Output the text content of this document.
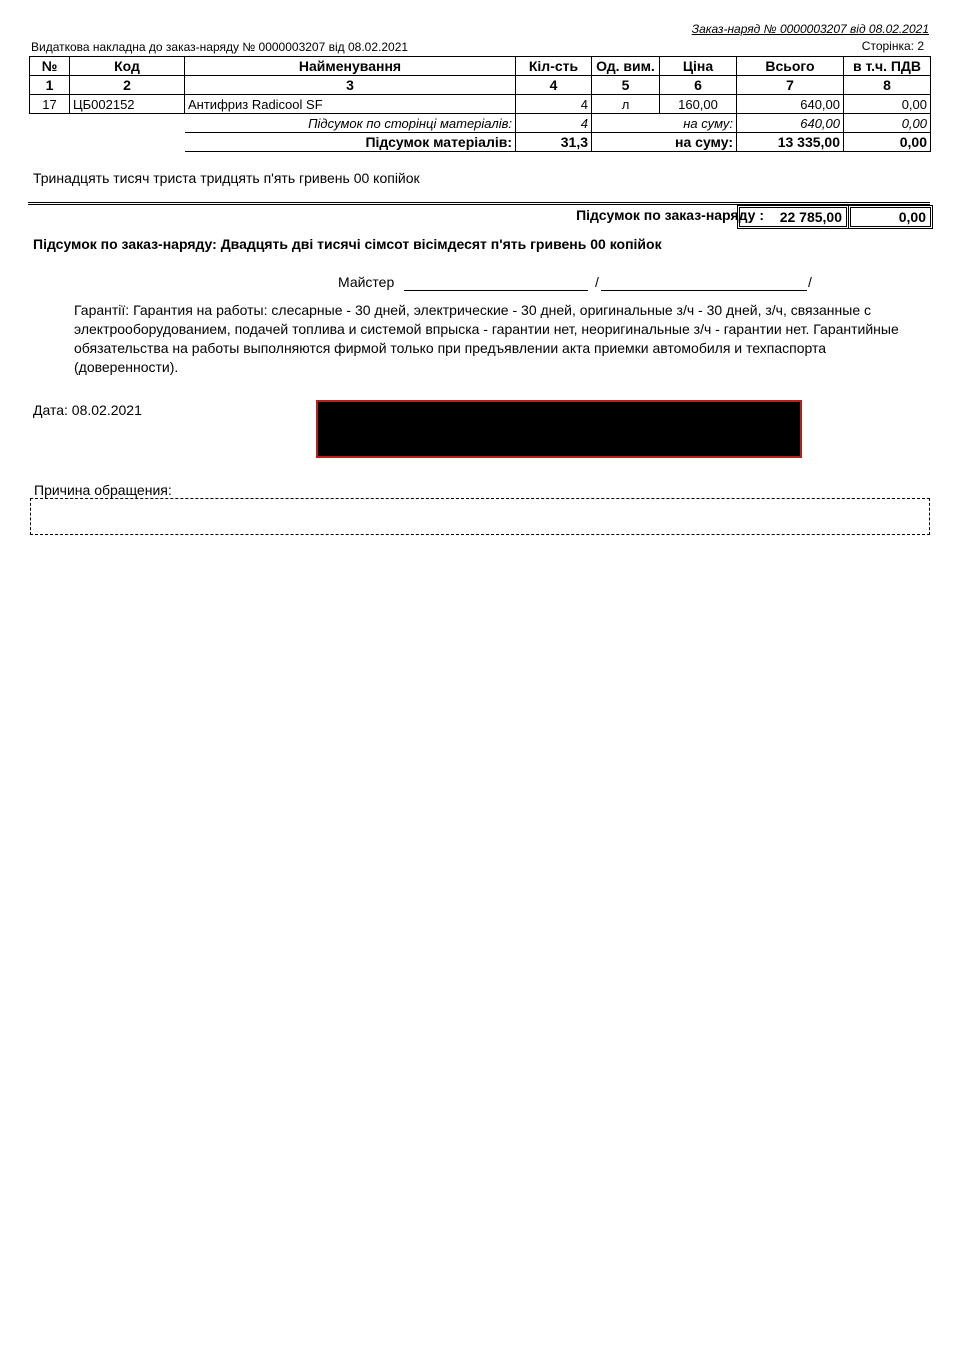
Заказ-наряд № 0000003207 від 08.02.2021
Видаткова накладна до заказ-наряду № 0000003207 від 08.02.2021	Сторінка: 2
№	Код	Найменування	Кіл-сть	Од. вим.	Ціна	Всього	в т.ч. ПДВ
1	2	3	4	5	6	7	8
17	ЦБ002152	Антифриз Radicool SF	4	л	160,00	640,00	0,00
		Підсумок по сторінці матеріалів:	4		на суму:	640,00	0,00
		Підсумок матеріалів:	31,3		на суму:	13 335,00	0,00
Тринадцять тисяч триста тридцять п'ять гривень 00 копійок
Підсумок по заказ-наряду :	22 785,00	0,00
Підсумок по заказ-наряду: Двадцять дві тисячі сімсот вісімдесят п'ять гривень 00 копійок
Майстер	/	/
Гарантії: Гарантия на работы: слесарные - 30 дней, электрические - 30 дней, оригинальные з/ч - 30 дней, з/ч, связанные с электрооборудованием, подачей топлива и системой впрыска - гарантии нет, неоригинальные з/ч - гарантии нет. Гарантийные обязательства на работы выполняются фирмой только при предъявлении акта приемки автомобиля и техпаспорта (доверенности).
Дата: 08.02.2021
Причина обращения:
